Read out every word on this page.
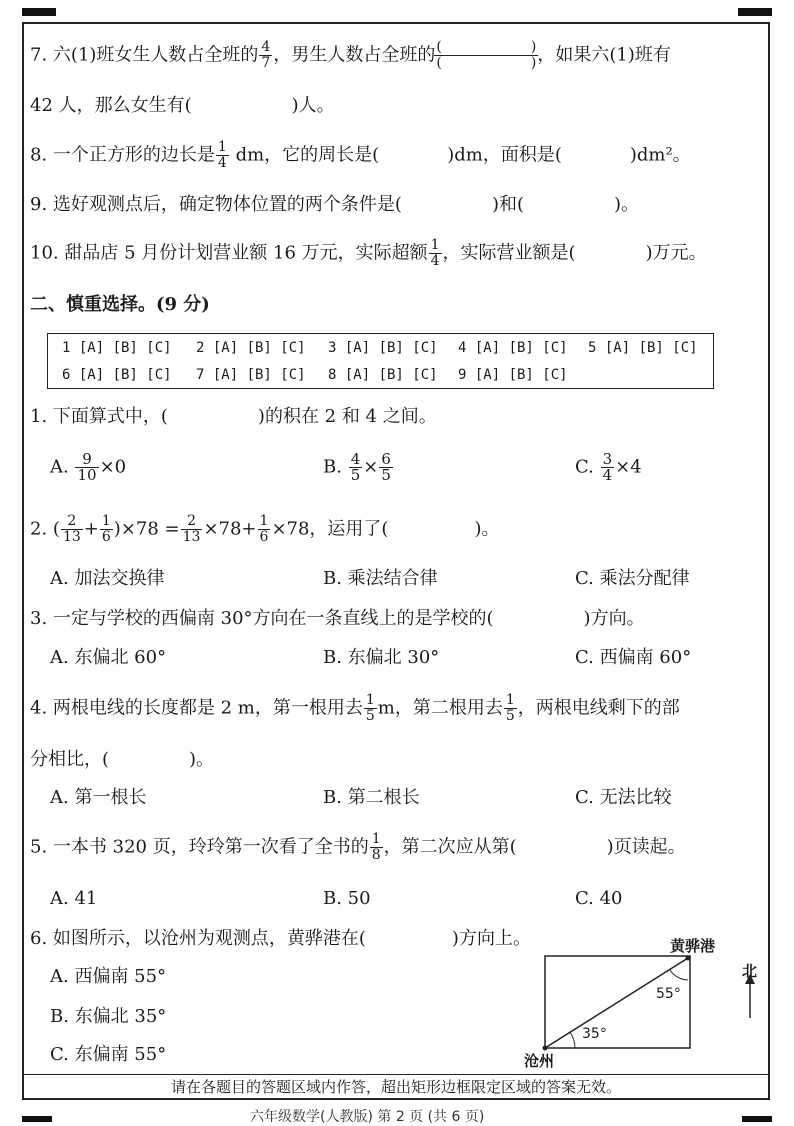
7. 六(1)班女生人数占全班的 $\frac{4}{7}$ ，男生人数占全班的 (	)
(	) ，如果六(1)班有
42 人，那么女生有(	)人。
8. 一个正方形的边长是 $\frac{1}{4}$ dm，它的周长是(	)dm，面积是(	)dm²。
9. 选好观测点后，确定物体位置的两个条件是(	)和(	)。
10. 甜品店 5 月份计划营业额 16 万元，实际超额 $\frac{1}{4}$ ，实际营业额是(	)万元。
二、慎重选择。(9 分)
1 [A] [B] [C] 2 [A] [B] [C] 3 [A] [B] [C] 4 [A] [B] [C] 5 [A] [B] [C]
6 [A] [B] [C] 7 [A] [B] [C] 8 [A] [B] [C] 9 [A] [B] [C]
1. 下面算式中，(	)的积在 2 和 4 之间。
A. $\frac{9}{10} \times 0$	B. $\frac{4}{5} \times \frac{6}{5}$	C. $\frac{3}{4} \times 4$
2. ( $\frac{2}{13} + \frac{1}{6} )\times 78 = \frac{2}{13} \times 78+ \frac{1}{6} \times 78$，运用了(	)。
A. 加法交换律	B. 乘法结合律	C. 乘法分配律
3. 一定与学校的西偏南 30°方向在一条直线上的是学校的(	)方向。
A. 东偏北 60°	B. 东偏北 30°	C. 西偏南 60°
4. 两根电线的长度都是 2 m，第一根用去 $\frac{1}{5}$ m，第二根用去 $\frac{1}{5}$ ，两根电线剩下的部
分相比，(	)。
A. 第一根长	B. 第二根长	C. 无法比较
5. 一本书 320 页，玲玲第一次看了全书的 $\frac{1}{8}$ ，第二次应从第(	)页读起。
A. 41	B. 50	C. 40
6. 如图所示，以沧州为观测点，黄骅港在(	)方向上。
A. 西偏南 55°
B. 东偏北 35°
C. 东偏南 55°
黄骅港
沧州
北
55°
35°
请在各题目的答题区域内作答，超出矩形边框限定区域的答案无效。
六年级数学(人教版) 第 2 页 (共 6 页)
